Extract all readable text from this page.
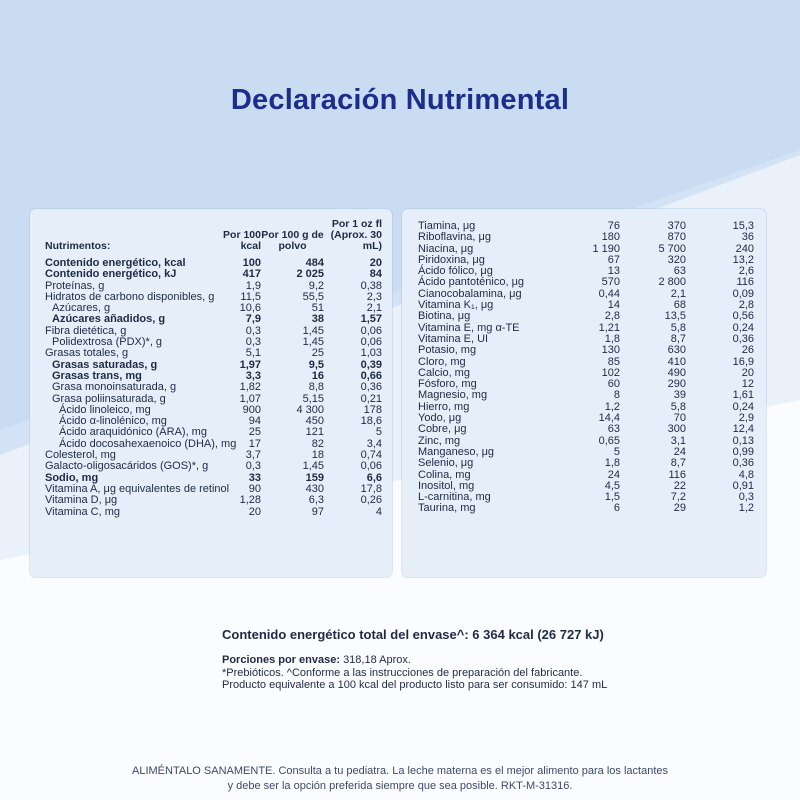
Declaración Nutrimental
Nutrimentos:	Por 100 kcal	Por 100 g de polvo	Por 1 oz fl (Aprox. 30 mL)
Contenido energético, kcal	100	484	20
Contenido energético, kJ	417	2 025	84
Proteínas, g	1,9	9,2	0,38
Hidratos de carbono disponibles, g	11,5	55,5	2,3
Azúcares, g	10,6	51	2,1
Azúcares añadidos, g	7,9	38	1,57
Fibra dietética, g	0,3	1,45	0,06
Polidextrosa (PDX)*, g	0,3	1,45	0,06
Grasas totales, g	5,1	25	1,03
Grasas saturadas, g	1,97	9,5	0,39
Grasas trans, mg	3,3	16	0,66
Grasa monoinsaturada, g	1,82	8,8	0,36
Grasa poliinsaturada, g	1,07	5,15	0,21
Ácido linoleico, mg	900	4 300	178
Ácido α-linolénico, mg	94	450	18,6
Ácido araquidónico (ARA), mg	25	121	5
Ácido docosahexaenoico (DHA), mg	17	82	3,4
Colesterol, mg	3,7	18	0,74
Galacto-oligosacáridos (GOS)*, g	0,3	1,45	0,06
Sodio, mg	33	159	6,6
Vitamina A, μg equivalentes de retinol	90	430	17,8
Vitamina D, μg	1,28	6,3	0,26
Vitamina C, mg	20	97	4
Tiamina, μg	76	370	15,3
Riboflavina, μg	180	870	36
Niacina, μg	1 190	5 700	240
Piridoxina, μg	67	320	13,2
Ácido fólico, μg	13	63	2,6
Ácido pantoténico, μg	570	2 800	116
Cianocobalamina, μg	0,44	2,1	0,09
Vitamina K₁, μg	14	68	2,8
Biotina, μg	2,8	13,5	0,56
Vitamina E, mg α-TE	1,21	5,8	0,24
Vitamina E, UI	1,8	8,7	0,36
Potasio, mg	130	630	26
Cloro, mg	85	410	16,9
Calcio, mg	102	490	20
Fósforo, mg	60	290	12
Magnesio, mg	8	39	1,61
Hierro, mg	1,2	5,8	0,24
Yodo, μg	14,4	70	2,9
Cobre, μg	63	300	12,4
Zinc, mg	0,65	3,1	0,13
Manganeso, μg	5	24	0,99
Selenio, μg	1,8	8,7	0,36
Colina, mg	24	116	4,8
Inositol, mg	4,5	22	0,91
L-carnitina, mg	1,5	7,2	0,3
Taurina, mg	6	29	1,2
Contenido energético total del envase^: 6 364 kcal (26 727 kJ)
Porciones por envase: 318,18 Aprox.
*Prebióticos. ^Conforme a las instrucciones de preparación del fabricante.
Producto equivalente a 100 kcal del producto listo para ser consumido: 147 mL
ALIMÉNTALO SANAMENTE. Consulta a tu pediatra. La leche materna es el mejor alimento para los lactantes
y debe ser la opción preferida siempre que sea posible. RKT-M-31316.
